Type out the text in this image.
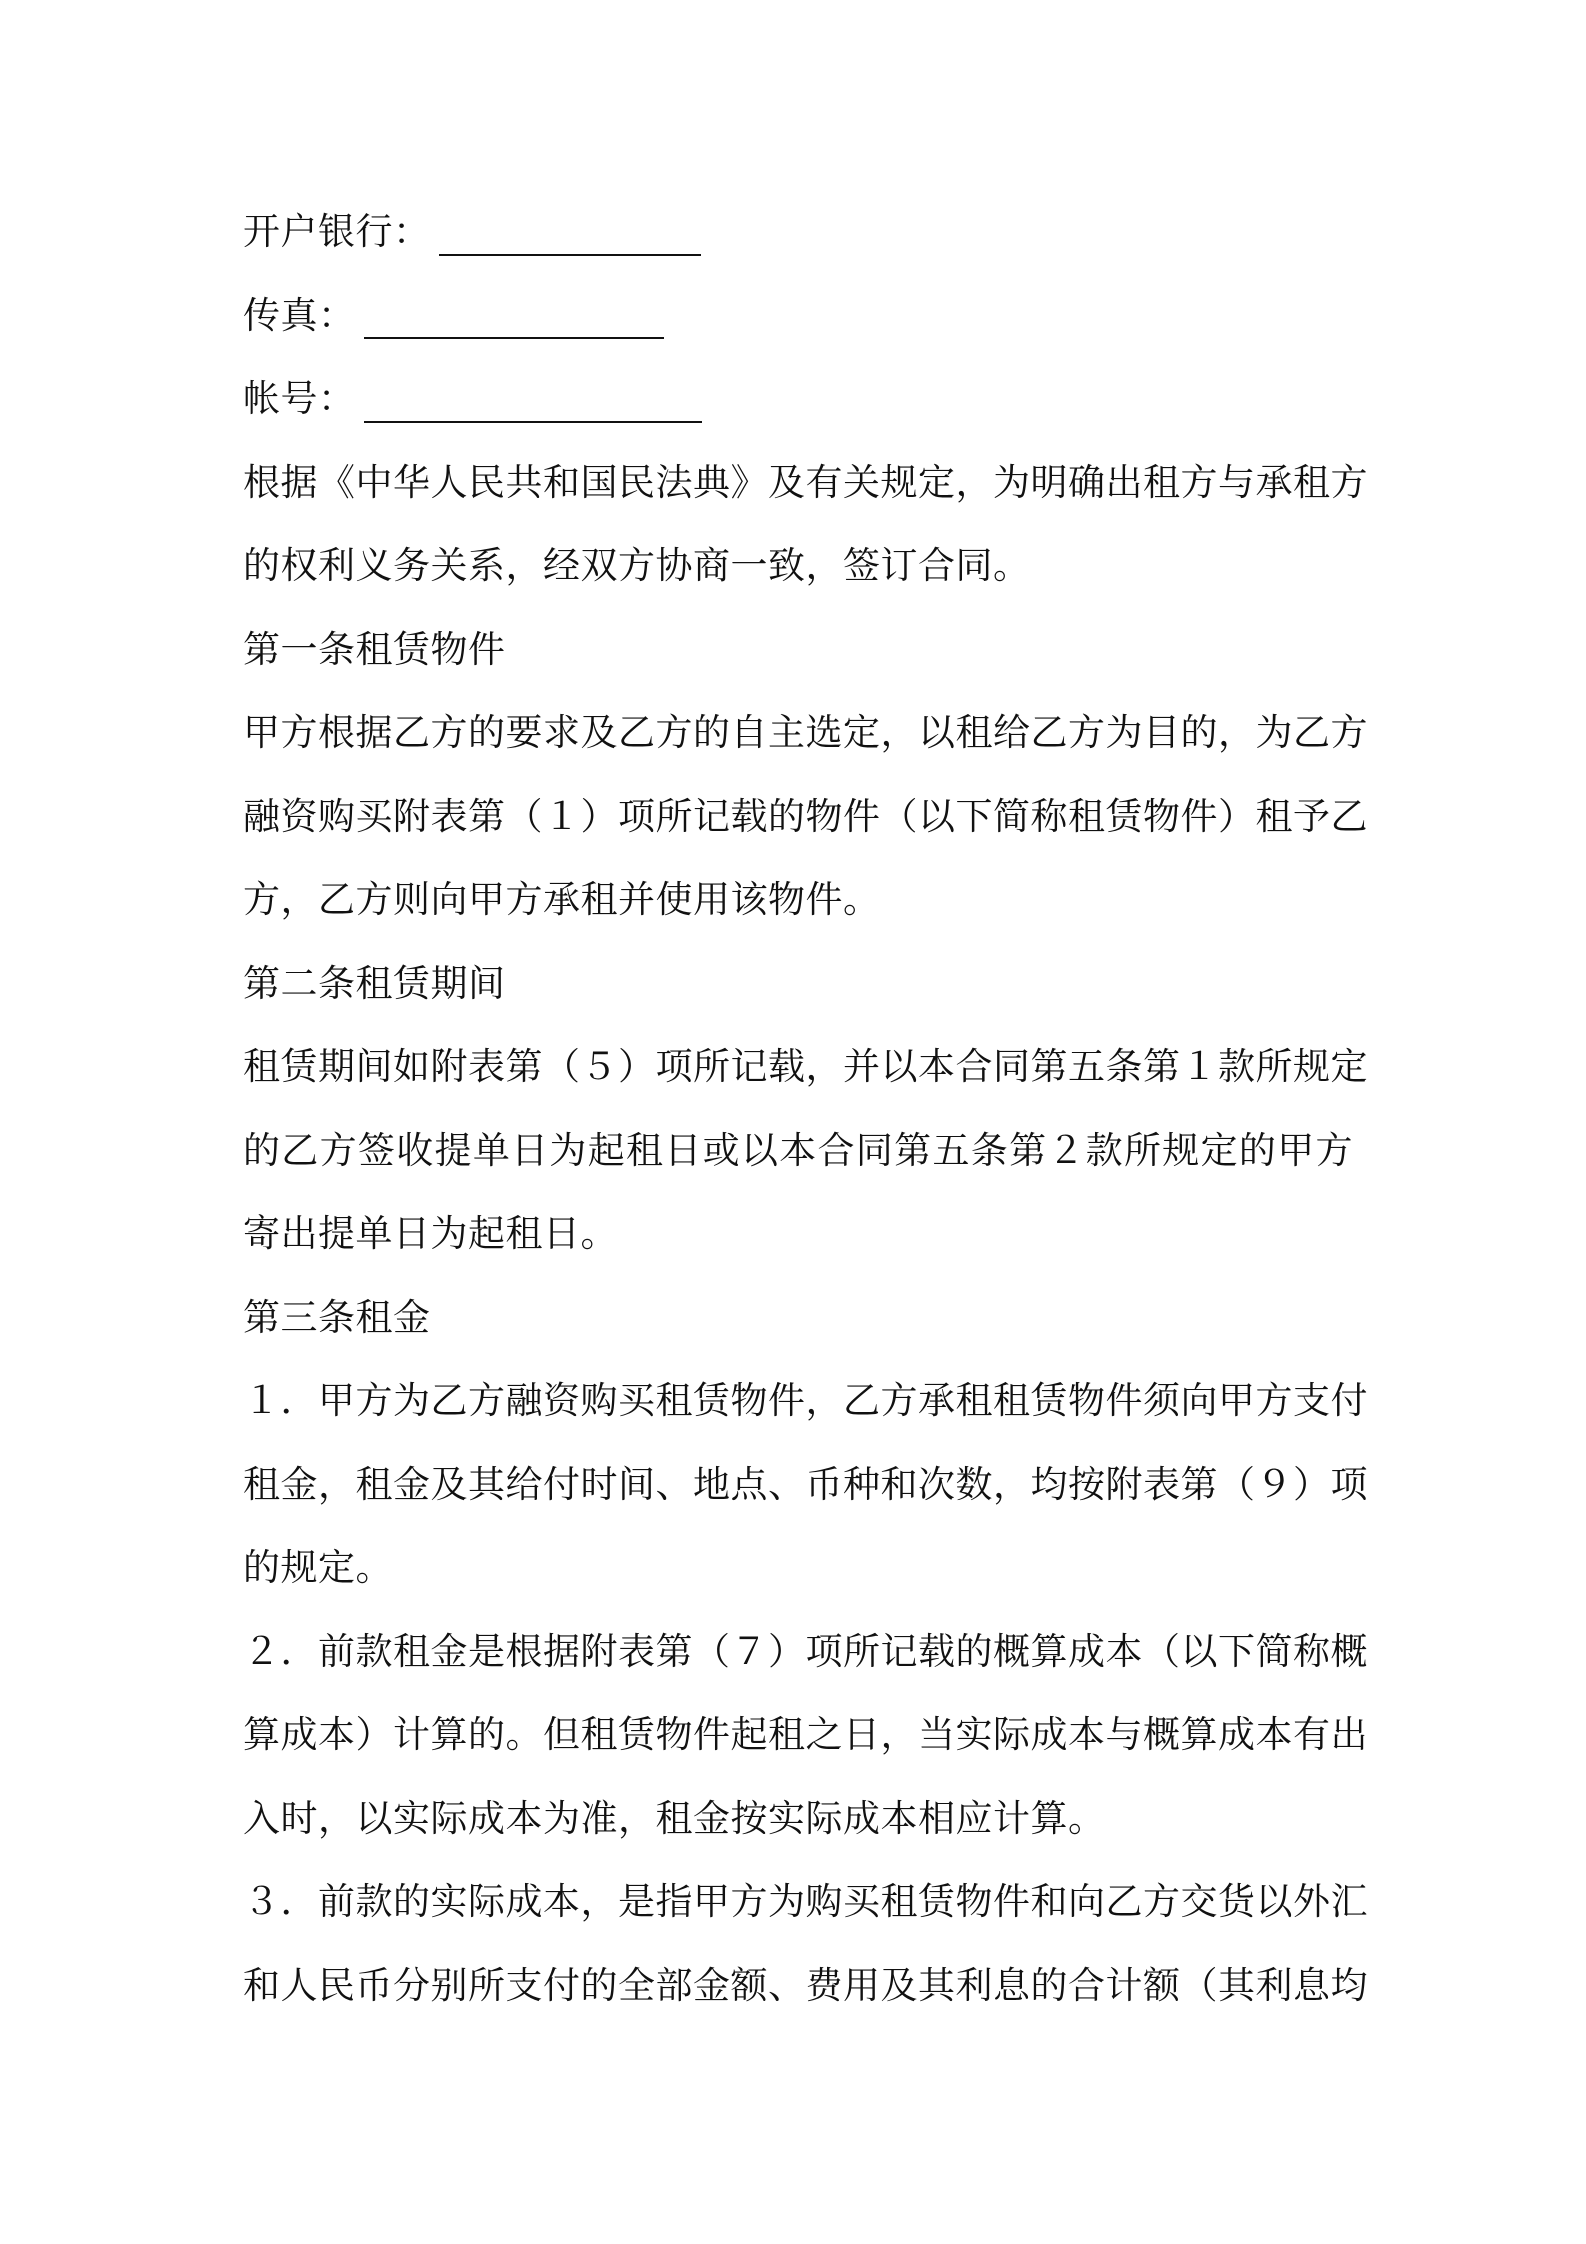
开户银行：
传真：
帐号：
根据《中华人民共和国民法典》及有关规定，为明确出租方与承租方
的权利义务关系，经双方协商一致，签订合同。
第一条租赁物件
甲方根据乙方的要求及乙方的自主选定，以租给乙方为目的，为乙方
融资购买附表第（１）项所记载的物件（以下简称租赁物件）租予乙
方，乙方则向甲方承租并使用该物件。
第二条租赁期间
租赁期间如附表第（５）项所记载，并以本合同第五条第１款所规定
的乙方签收提单日为起租日或以本合同第五条第２款所规定的甲方
寄出提单日为起租日。
第三条租金
１．甲方为乙方融资购买租赁物件，乙方承租租赁物件须向甲方支付
租金，租金及其给付时间、地点、币种和次数，均按附表第（９）项
的规定。
２．前款租金是根据附表第（７）项所记载的概算成本（以下简称概
算成本）计算的。但租赁物件起租之日，当实际成本与概算成本有出
入时，以实际成本为准，租金按实际成本相应计算。
３．前款的实际成本，是指甲方为购买租赁物件和向乙方交货以外汇
和人民币分别所支付的全部金额、费用及其利息的合计额（其利息均
